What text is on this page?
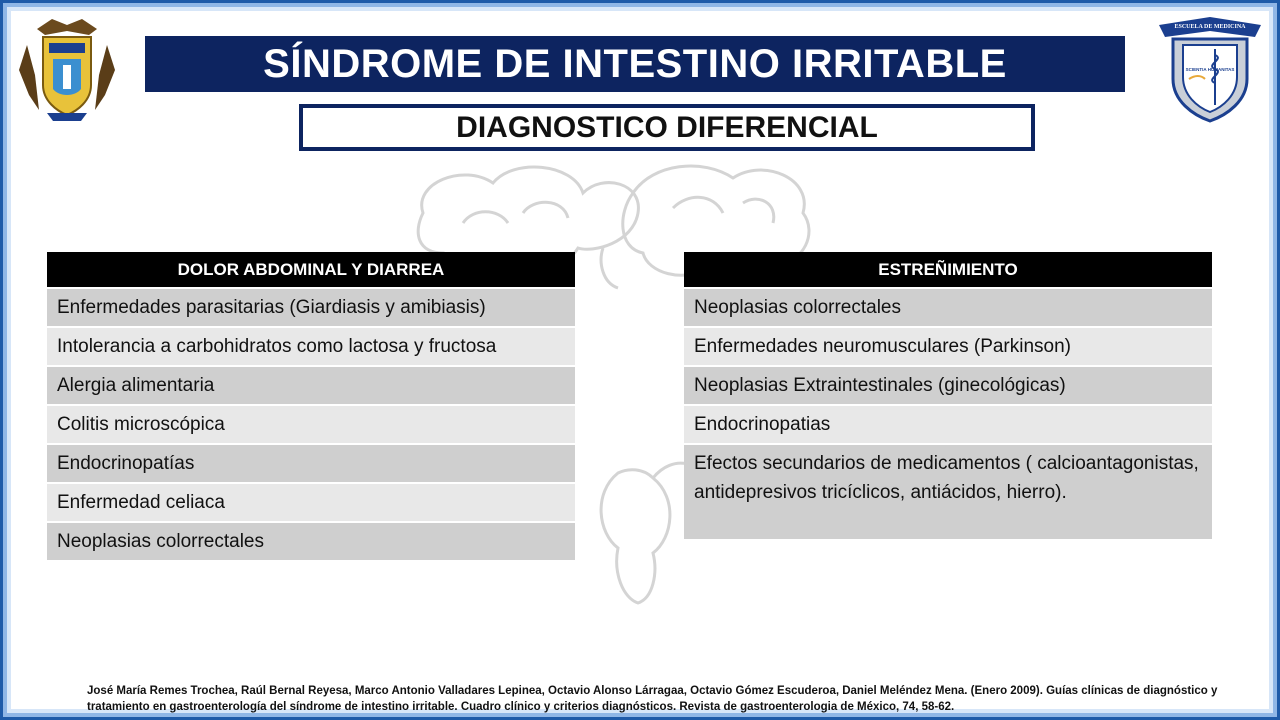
ESCUELA DE MEDICINA
UNIDAD NORTE
SCIENTIA HUMANITAS
SÍNDROME DE INTESTINO IRRITABLE
DIAGNOSTICO DIFERENCIAL
DOLOR ABDOMINAL Y DIARREA
Enfermedades parasitarias (Giardiasis y amibiasis)
Intolerancia a carbohidratos como lactosa y fructosa
Alergia alimentaria
Colitis microscópica
Endocrinopatías
Enfermedad celiaca
Neoplasias colorrectales
ESTREÑIMIENTO
Neoplasias colorrectales
Enfermedades neuromusculares (Parkinson)
Neoplasias Extraintestinales (ginecológicas)
Endocrinopatias
Efectos secundarios de medicamentos ( calcioantagonistas, antidepresivos tricíclicos, antiácidos, hierro).
José María Remes Trochea, Raúl Bernal Reyesa, Marco Antonio Valladares Lepinea, Octavio Alonso Lárragaa, Octavio Gómez Escuderoa, Daniel Meléndez Mena. (Enero 2009). Guías clínicas de diagnóstico y tratamiento en gastroenterología del síndrome de intestino irritable. Cuadro clínico y criterios diagnósticos. Revista de gastroenterologia de México, 74, 58-62.
